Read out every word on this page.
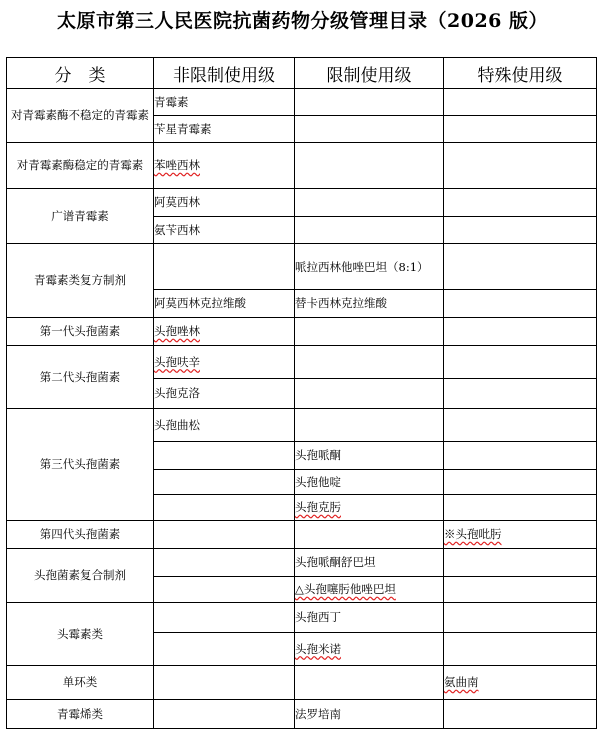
太原市第三人民医院抗菌药物分级管理目录（2026 版）
分　类	非限制使用级	限制使用级	特殊使用级
对青霉素酶不稳定的青霉素	青霉素		
	苄星青霉素		
对青霉素酶稳定的青霉素	苯唑西林		
广谱青霉素	阿莫西林		
	氨苄西林		
青霉素类复方制剂		哌拉西林他唑巴坦（8:1）	
	阿莫西林克拉维酸	替卡西林克拉维酸	
第一代头孢菌素	头孢唑林		
第二代头孢菌素	头孢呋辛		
	头孢克洛		
第三代头孢菌素	头孢曲松		
		头孢哌酮	
		头孢他啶	
		头孢克肟	
第四代头孢菌素			※头孢吡肟
头孢菌素复合制剂		头孢哌酮舒巴坦	
		△头孢噻肟他唑巴坦	
头霉素类		头孢西丁	
		头孢米诺	
单环类			氨曲南
青霉烯类		法罗培南	
